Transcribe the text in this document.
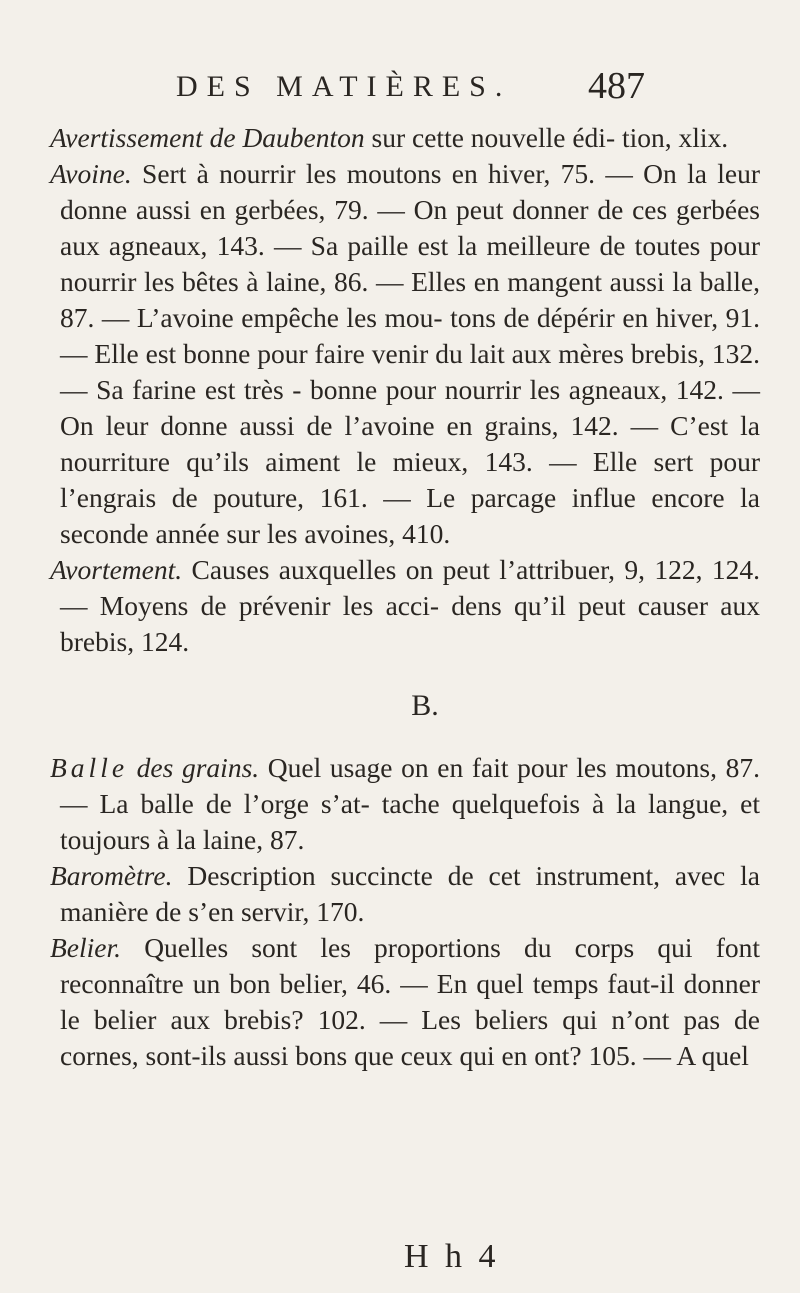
DES MATIÈRES. 487

Avertissement de Daubenton sur cette nouvelle édi- tion, xlix.

Avoine. Sert à nourrir les moutons en hiver, 75. — On la leur donne aussi en gerbées, 79. — On peut donner de ces gerbées aux agneaux, 143. — Sa paille est la meilleure de toutes pour nourrir les bêtes à laine, 86. — Elles en mangent aussi la balle, 87. — L’avoine empêche les mou- tons de dépérir en hiver, 91. — Elle est bonne pour faire venir du lait aux mères brebis, 132. — Sa farine est très - bonne pour nourrir les agneaux, 142. — On leur donne aussi de l’avoine en grains, 142. — C’est la nourriture qu’ils aiment le mieux, 143. — Elle sert pour l’engrais de pouture, 161. — Le parcage influe encore la seconde année sur les avoines, 410.

Avortement. Causes auxquelles on peut l’attribuer, 9, 122, 124. — Moyens de prévenir les acci- dens qu’il peut causer aux brebis, 124.

B.

Balle des grains. Quel usage on en fait pour les moutons, 87. — La balle de l’orge s’at- tache quelquefois à la langue, et toujours à la laine, 87.

Baromètre. Description succincte de cet instrument, avec la manière de s’en servir, 170.

Belier. Quelles sont les proportions du corps qui font reconnaître un bon belier, 46. — En quel temps faut-il donner le belier aux brebis? 102. — Les beliers qui n’ont pas de cornes, sont-ils aussi bons que ceux qui en ont? 105. — A quel

H h 4
